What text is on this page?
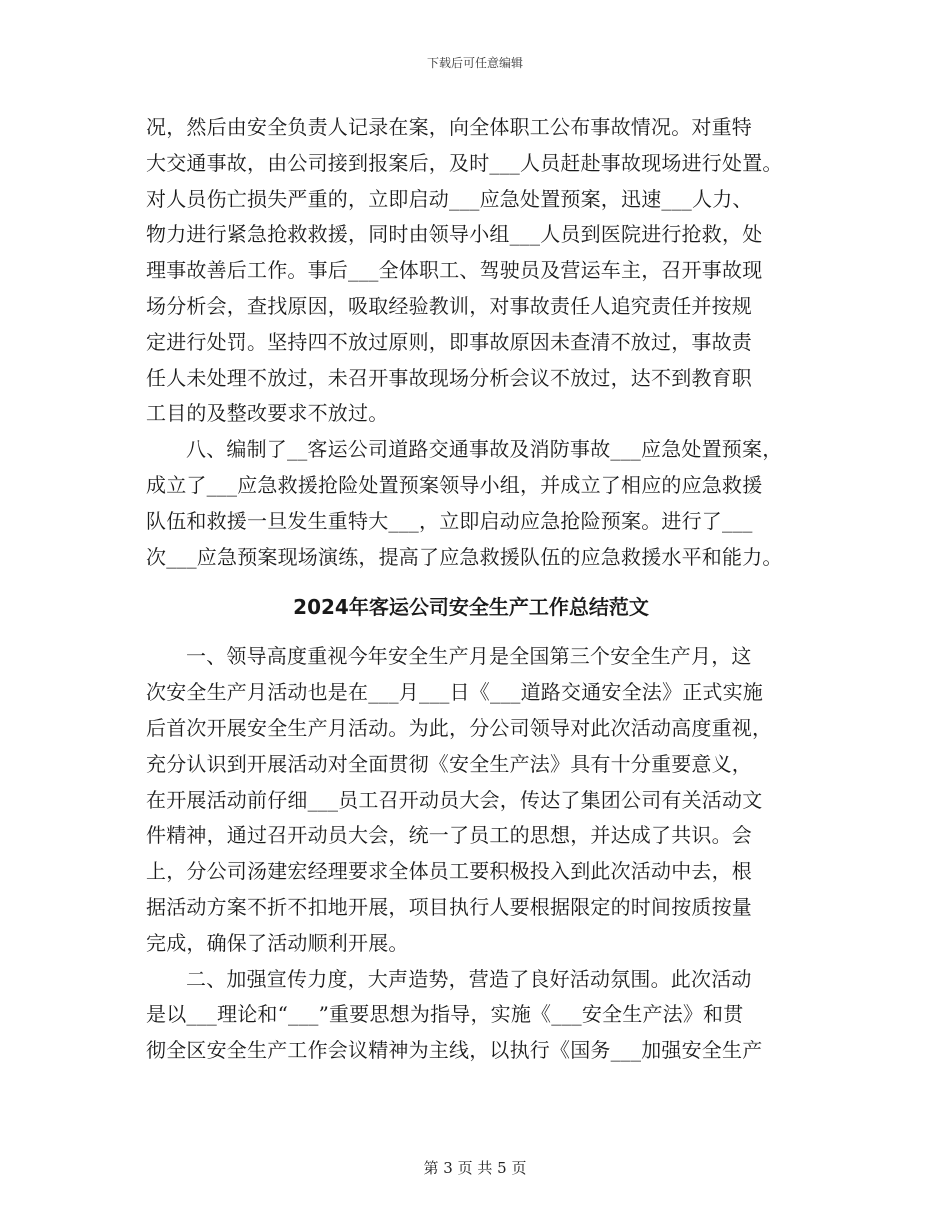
下载后可任意编辑
况，然后由安全负责人记录在案，向全体职工公布事故情况。对重特
大交通事故，由公司接到报案后，及时___人员赶赴事故现场进行处置。
对人员伤亡损失严重的，立即启动___应急处置预案，迅速___人力、
物力进行紧急抢救救援，同时由领导小组___人员到医院进行抢救，处
理事故善后工作。事后___全体职工、驾驶员及营运车主，召开事故现
场分析会，查找原因，吸取经验教训，对事故责任人追究责任并按规
定进行处罚。坚持四不放过原则，即事故原因未查清不放过，事故责
任人未处理不放过，未召开事故现场分析会议不放过，达不到教育职
工目的及整改要求不放过。
八、编制了__客运公司道路交通事故及消防事故___应急处置预案，
成立了___应急救援抢险处置预案领导小组，并成立了相应的应急救援
队伍和救援一旦发生重特大___，立即启动应急抢险预案。进行了___
次___应急预案现场演练，提高了应急救援队伍的应急救援水平和能力。
2024年客运公司安全生产工作总结范文
一、领导高度重视今年安全生产月是全国第三个安全生产月，这
次安全生产月活动也是在___月___日《___道路交通安全法》正式实施
后首次开展安全生产月活动。为此，分公司领导对此次活动高度重视，
充分认识到开展活动对全面贯彻《安全生产法》具有十分重要意义，
在开展活动前仔细___员工召开动员大会，传达了集团公司有关活动文
件精神，通过召开动员大会，统一了员工的思想，并达成了共识。会
上，分公司汤建宏经理要求全体员工要积极投入到此次活动中去，根
据活动方案不折不扣地开展，项目执行人要根据限定的时间按质按量
完成，确保了活动顺利开展。
二、加强宣传力度，大声造势，营造了良好活动氛围。此次活动
是以___理论和“___”重要思想为指导，实施《___安全生产法》和贯
彻全区安全生产工作会议精神为主线，以执行《国务___加强安全生产
第 3 页 共 5 页
